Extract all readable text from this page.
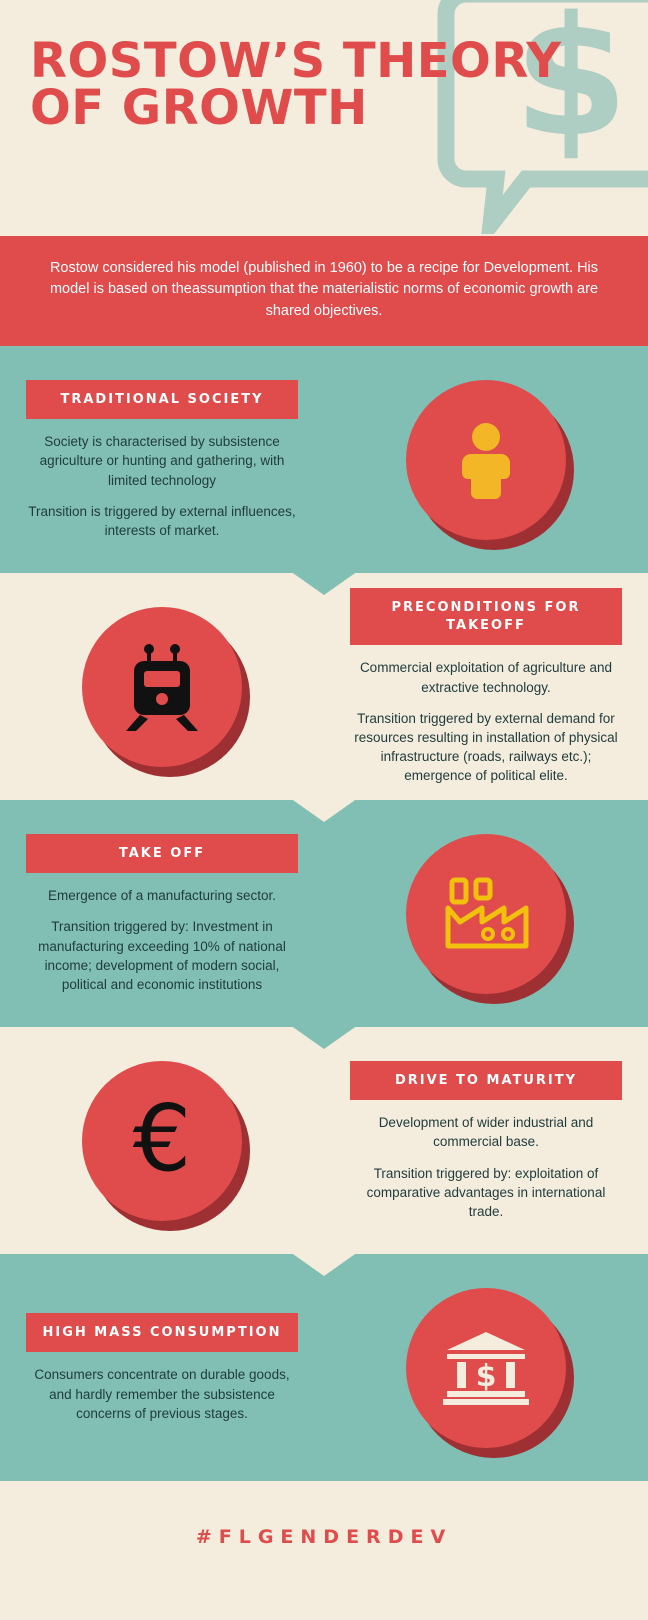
$
ROSTOW’S THEORY OF GROWTH
Rostow considered his model (published in 1960) to be a recipe for Development. His model is based on theassumption that the materialistic norms of economic growth are shared objectives.
TRADITIONAL SOCIETY

Society is characterised by subsistence agriculture or hunting and gathering, with limited technology

Transition is triggered by external influences, interests of market.

PRECONDITIONS FOR TAKEOFF

Commercial exploitation of agriculture and extractive technology.

Transition triggered by external demand for resources resulting in installation of physical infrastructure (roads, railways etc.); emergence of political elite.

TAKE OFF

Emergence of a manufacturing sector.

Transition triggered by: Investment in manufacturing exceeding 10% of national income; development of modern social, political and economic institutions

€
DRIVE TO MATURITY

Development of wider industrial and commercial base.

Transition triggered by: exploitation of comparative advantages in international trade.

HIGH MASS CONSUMPTION

Consumers concentrate on durable goods, and hardly remember the subsistence concerns of previous stages.

$
#FLGENDERDEV
